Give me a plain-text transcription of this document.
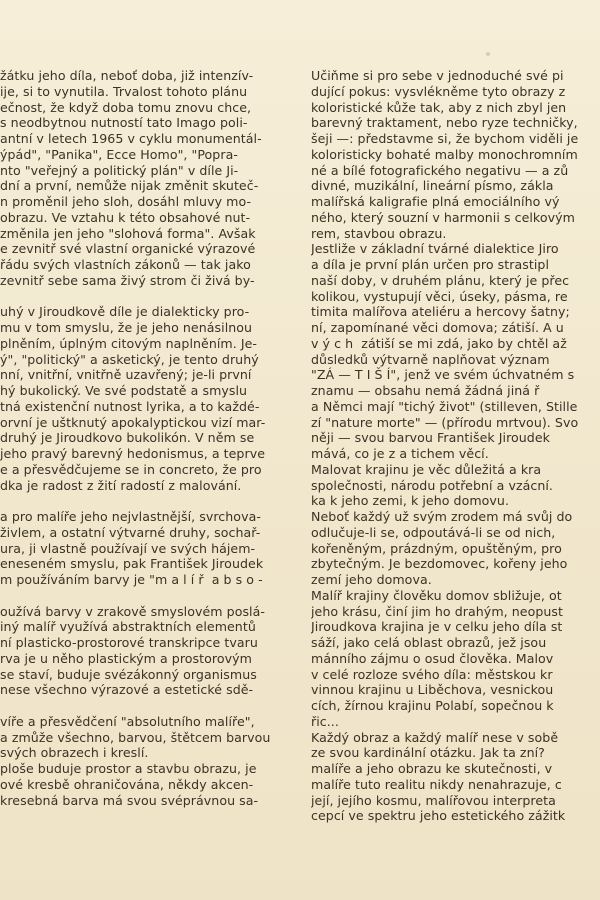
žátku jeho díla, neboť doba, již intenzív-
ije, si to vynutila. Trvalost tohoto plánu
ečnost, že když doba tomu znovu chce,
s neodbytnou nutností tato Imago poli-
antní v letech 1965 v cyklu monumentál-
ýpád", "Panika", Ecce Homo", "Popra-
nto "veřejný a politický plán" v díle Ji-
dní a první, nemůže nijak změnit skuteč-
n proměnil jeho sloh, dosáhl mluvy mo-
obrazu. Ve vztahu k této obsahové nut-
změnila jen jeho "slohová forma". Avšak
e zevnitř své vlastní organické výrazové
řádu svých vlastních zákonů — tak jako
zevnitř sebe sama živý strom či živá by-
uhý v Jiroudkově díle je dialekticky pro-
mu v tom smyslu, že je jeho nenásilnou
plněním, úplným citovým naplněním. Je-
ý", "politický" a asketický, je tento druhý
nní, vnitřní, vnitřně uzavřený; je-li první
hý bukolický. Ve své podstatě a smyslu
tná existenční nutnost lyrika, a to každé-
orvní je uštknutý apokalyptickou vizí mar-
druhý je Jiroudkovo bukolikón. V něm se
jeho pravý barevný hedonismus, a teprve
e a přesvědčujeme se in concreto, že pro
dka je radost z žití radostí z malování.
a pro malíře jeho nejvlastnější, svrchova-
živlem, a ostatní výtvarné druhy, sochař-
ura, ji vlastně používají ve svých hájem-
eneseném smyslu, pak František Jiroudek
m používáním barvy je "m a l í ř  a b s o -
oužívá barvy v zrakově smyslovém poslá-
iný malíř využívá abstraktních elementů
ní plasticko-prostorové transkripce tvaru
rva je u něho plastickým a prostorovým
se staví, buduje svézákonný organismus
nese všechno výrazové a estetické sdě-
víře a přesvědčení "absolutního malíře",
a zmůže všechno, barvou, štětcem barvou
svých obrazech i kreslí.
ploše buduje prostor a stavbu obrazu, je
ové kresbě ohraničována, někdy akcen-
kresebná barva má svou svéprávnou sa-
Učiňme si pro sebe v jednoduché své pi
dující pokus: vysvlékněme tyto obrazy z
koloristické kůže tak, aby z nich zbyl jen
barevný traktament, nebo ryze techničky,
šeji —: představme si, že bychom viděli je
koloristicky bohaté malby monochromním
né a bílé fotografického negativu — a zů
divné, muzikální, lineární písmo, zákla
malířská kaligrafie plná emociálního vý
ného, který souzní v harmonii s celkovým
rem, stavbou obrazu.
Jestliže v základní tvárné dialektice Jiro
a díla je první plán určen pro strastipl
naší doby, v druhém plánu, který je přec
kolikou, vystupují věci, úseky, pásma, re
timita malířova ateliéru a hercovy šatny;
ní, zapomínané věci domova; zátiší. A u
v ý c h  zátiší se mi zdá, jako by chtěl až
důsledků výtvarně naplňovat význam
"ZÁ — T I Š Í", jenž ve svém úchvatném s
znamu — obsahu nemá žádná jiná ř
a Němci mají "tichý život" (stilleven, Stille
zí "nature morte" — (přírodu mrtvou). Svo
něji — svou barvou František Jiroudek
mává, co je z a tichem věcí.
Malovat krajinu je věc důležitá a kra
společnosti, národu potřební a vzácní.
ka k jeho zemi, k jeho domovu.
Neboť každý už svým zrodem má svůj do
odlučuje-li se, odpoutává-li se od nich,
kořeněným, prázdným, opuštěným, pro
zbytečným. Je bezdomovec, kořeny jeho
zemí jeho domova.
Malíř krajiny člověku domov sbližuje, ot
jeho krásu, činí jim ho drahým, neopust
Jiroudkova krajina je v celku jeho díla st
sáží, jako celá oblast obrazů, jež jsou
mánního zájmu o osud člověka. Malov
v celé rozloze svého díla: městskou kr
vinnou krajinu u Liběchova, vesnickou
cích, žírnou krajinu Polabí, sopečnou k
řic...
Každý obraz a každý malíř nese v sobě
ze svou kardinální otázku. Jak ta zní?
malíře a jeho obrazu ke skutečnosti, v
malíře tuto realitu nikdy nenahrazuje, c
její, jejího kosmu, malířovou interpreta
cepcí ve spektru jeho estetického zážitk
